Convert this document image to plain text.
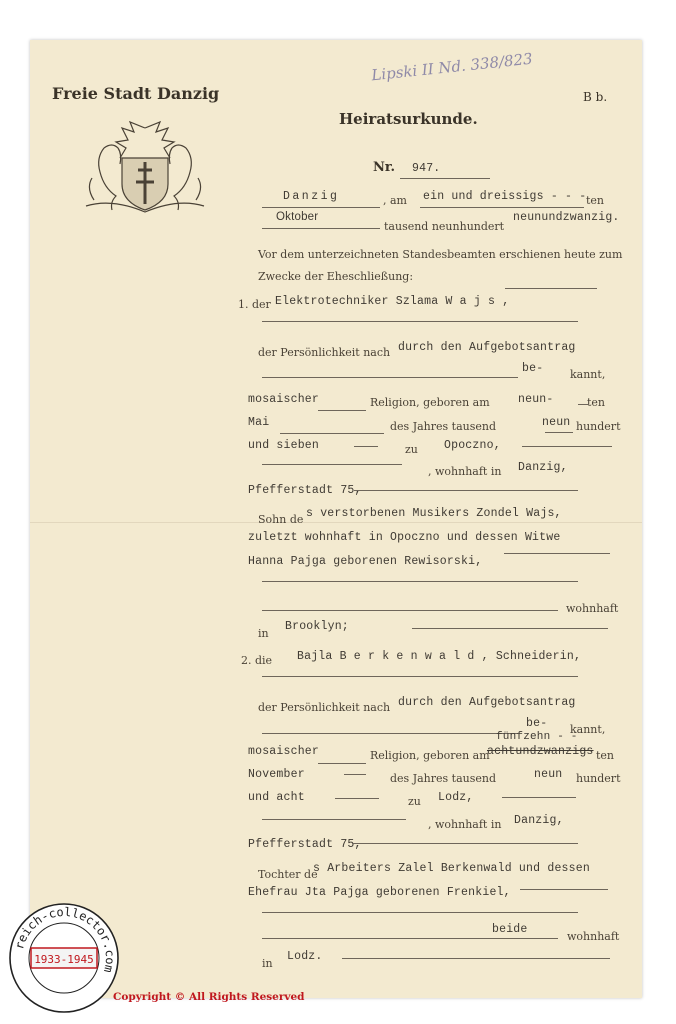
Freie Stadt Danzig
Heiratsurkunde.
B b.
Lipski II Nd. 338/823
Nr. 947.
Danzig	, am ein und dreissigs - - - ten
Oktober
tausend neunhundert
neunundzwanzig.
Vor dem unterzeichneten Standesbeamten erschienen heute zum
Zwecke der Eheschließung:
1. der Elektrotechniker Szlama W a j s ,
der Persönlichkeit nach durch den Aufgebotsantrag
be- kannt,
mosaischer	Religion, geboren am neun-	ten
Mai	des Jahres tausend	neun hundert
und sieben	zu Opoczno,
, wohnhaft in Danzig,
Pfefferstadt 75,
Sohn de s verstorbenen Musikers Zondel Wajs,
zuletzt wohnhaft in Opoczno und dessen Witwe
Hanna Pajga geborenen Rewisorski,
wohnhaft
in
Brooklyn;
2. die Bajla B e r k e n w a l d , Schneiderin,
der Persönlichkeit nach durch den Aufgebotsantrag
be- kannt,
mosaischer	Religion, geboren am
fünfzehn - -
achtundzwanzigs ten
November	des Jahres tausend	neun hundert
und acht	zu Lodz,
, wohnhaft in Danzig,
Pfefferstadt 75,
Tochter de
s Arbeiters Zalel Berkenwald und dessen
Ehefrau Jta Pajga geborenen Frenkiel,
beide
wohnhaft
in
Lodz.
reich-collector.com
1933-1945
Copyright © All Rights Reserved
